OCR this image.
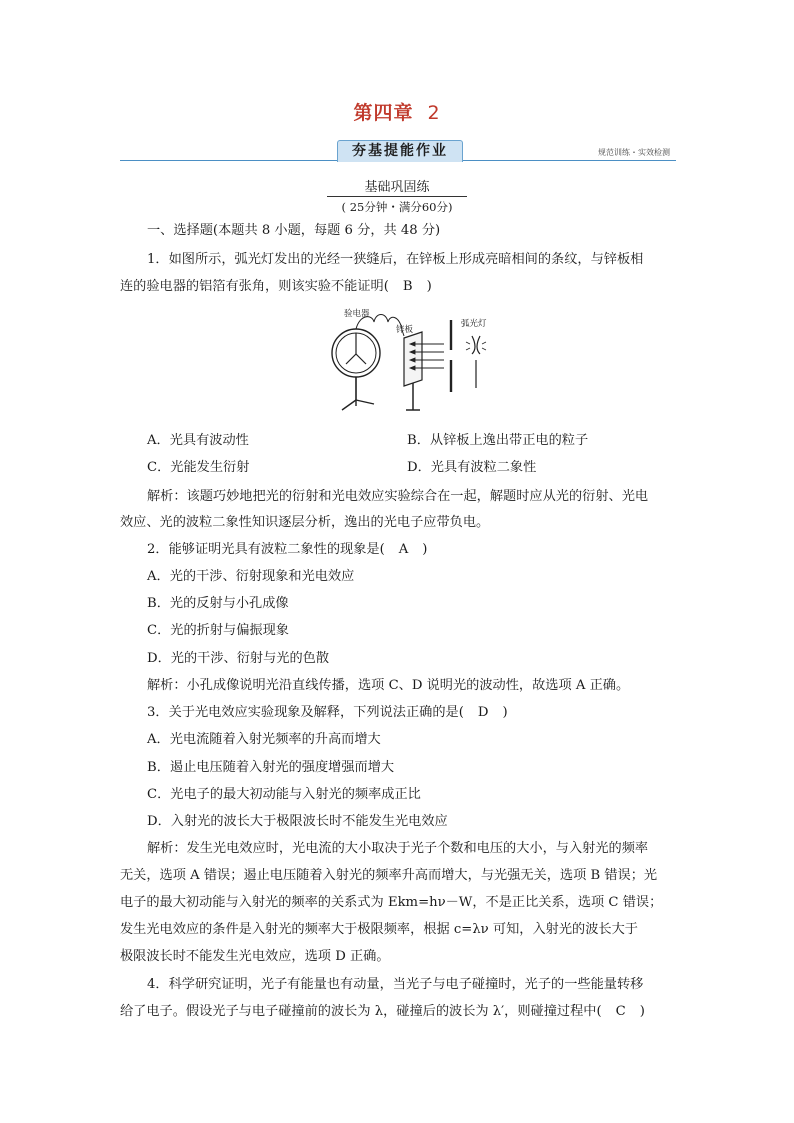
第四章 2
夯基提能作业	规范训练・实效检测
基础巩固练
( 25分钟・满分60分)
一、选择题(本题共 8 小题，每题 6 分，共 48 分)
1．如图所示，弧光灯发出的光经一狭缝后，在锌板上形成亮暗相间的条纹，与锌板相
连的验电器的铝箔有张角，则该实验不能证明( B )
验电器
锌板
弧光灯
A．光具有波动性	B．从锌板上逸出带正电的粒子
C．光能发生衍射	D．光具有波粒二象性
解析：该题巧妙地把光的衍射和光电效应实验综合在一起，解题时应从光的衍射、光电
效应、光的波粒二象性知识逐层分析，逸出的光电子应带负电。
2．能够证明光具有波粒二象性的现象是( A )
A．光的干涉、衍射现象和光电效应
B．光的反射与小孔成像
C．光的折射与偏振现象
D．光的干涉、衍射与光的色散
解析：小孔成像说明光沿直线传播，选项 C、D 说明光的波动性，故选项 A 正确。
3．关于光电效应实验现象及解释，下列说法正确的是( D )
A．光电流随着入射光频率的升高而增大
B．遏止电压随着入射光的强度增强而增大
C．光电子的最大初动能与入射光的频率成正比
D．入射光的波长大于极限波长时不能发生光电效应
解析：发生光电效应时，光电流的大小取决于光子个数和电压的大小，与入射光的频率
无关，选项 A 错误；遏止电压随着入射光的频率升高而增大，与光强无关，选项 B 错误；光
电子的最大初动能与入射光的频率的关系式为 Ekm=hν－W，不是正比关系，选项 C 错误；
发生光电效应的条件是入射光的频率大于极限频率，根据 c=λν 可知，入射光的波长大于
极限波长时不能发生光电效应，选项 D 正确。
4．科学研究证明，光子有能量也有动量，当光子与电子碰撞时，光子的一些能量转移
给了电子。假设光子与电子碰撞前的波长为 λ，碰撞后的波长为 λ′，则碰撞过程中( C )
